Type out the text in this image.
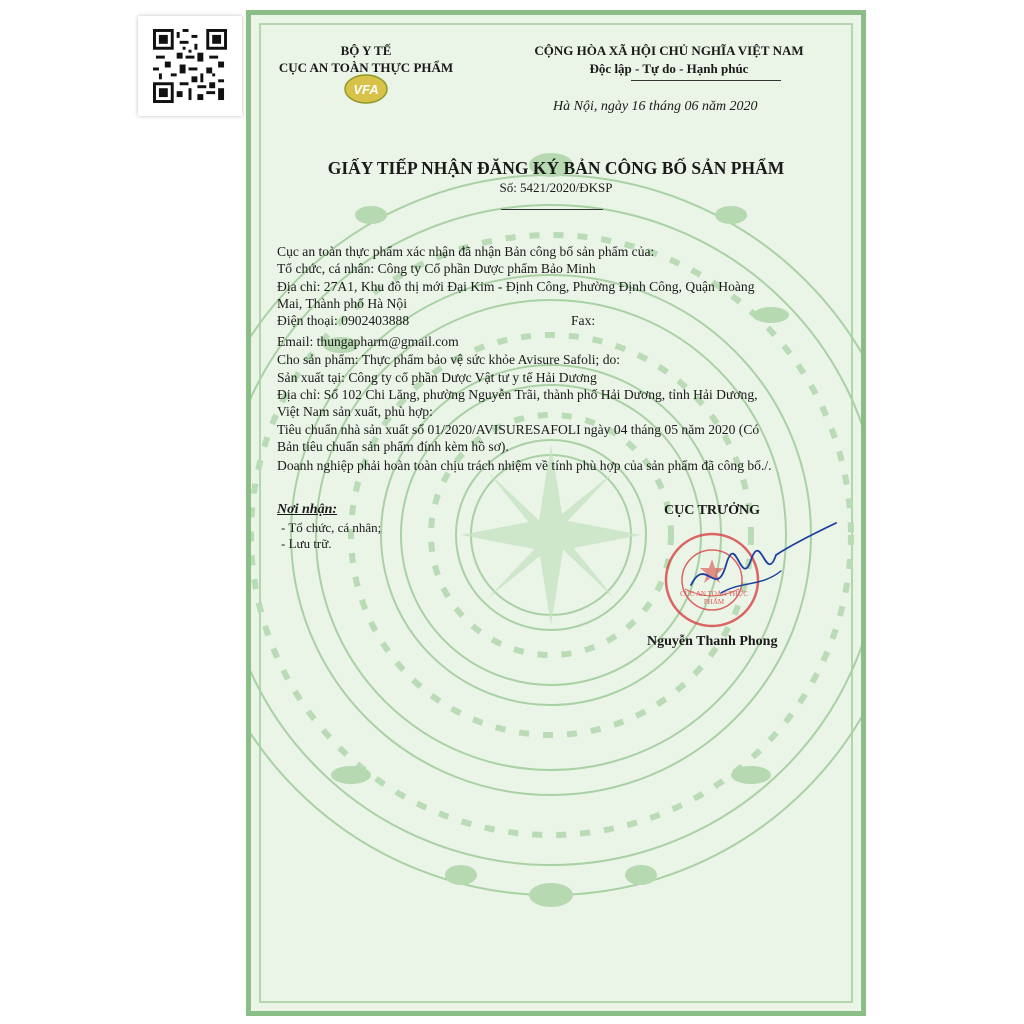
BỘ Y TẾ
CỤC AN TOÀN THỰC PHẨM
VFA
CỘNG HÒA XÃ HỘI CHỦ NGHĨA VIỆT NAM
Độc lập - Tự do - Hạnh phúc
Hà Nội, ngày 16 tháng 06 năm 2020
GIẤY TIẾP NHẬN ĐĂNG KÝ BẢN CÔNG BỐ SẢN PHẨM
Số: 5421/2020/ĐKSP
Cục an toàn thực phẩm xác nhận đã nhận Bản công bố sản phẩm của:
Tổ chức, cá nhân: Công ty Cổ phần Dược phẩm Bảo Minh
Địa chỉ: 27A1, Khu đô thị mới Đại Kim - Định Công, Phường Định Công, Quận Hoàng
Mai, Thành phố Hà Nội
Điện thoại: 0902403888	Fax:
Email: thungapharm@gmail.com
Cho sản phẩm: Thực phẩm bảo vệ sức khỏe Avisure Safoli; do:
Sản xuất tại: Công ty cổ phần Dược Vật tư y tế Hải Dương
Địa chỉ: Số 102 Chi Lăng, phường Nguyễn Trãi, thành phố Hải Dương, tỉnh Hải Dương,
Việt Nam sản xuất, phù hợp:
Tiêu chuẩn nhà sản xuất số 01/2020/AVISURESAFOLI ngày 04 tháng 05 năm 2020 (Có
Bản tiêu chuẩn sản phẩm đính kèm hồ sơ).
Doanh nghiệp phải hoàn toàn chịu trách nhiệm về tính phù hợp của sản phẩm đã công bố./.
Nơi nhận:
- Tổ chức, cá nhân;
- Lưu trữ.
CỤC TRƯỞNG
CỤC AN TOÀN THỰC PHẨM
Nguyễn Thanh Phong
